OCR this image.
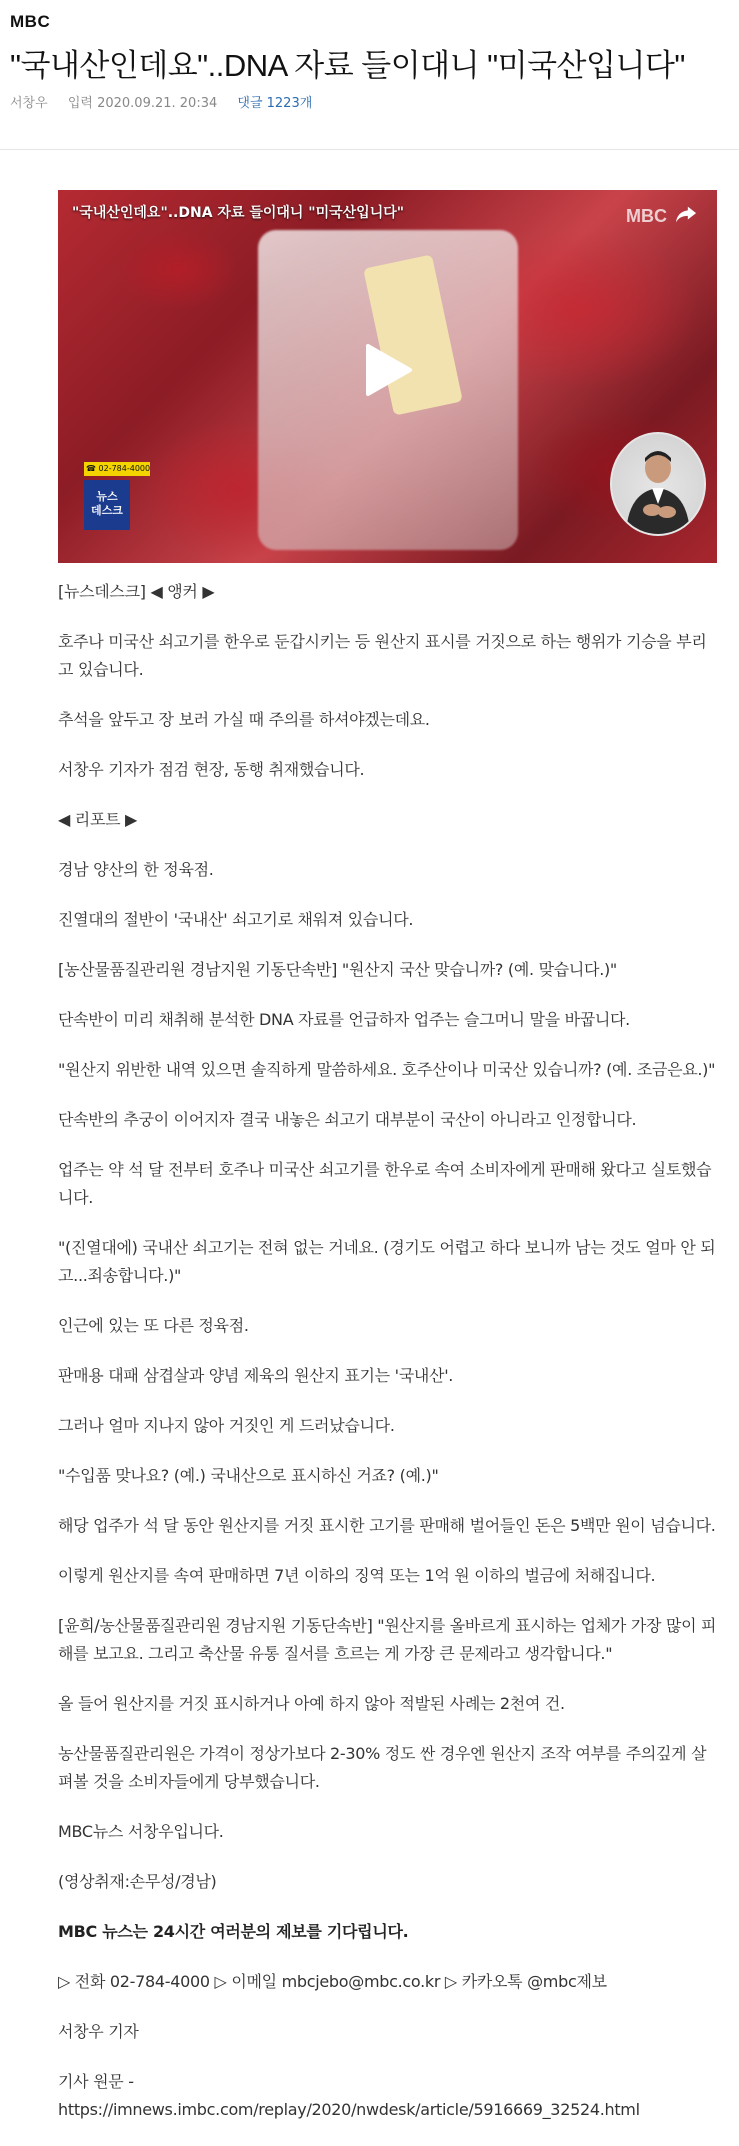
MBC
"국내산인데요"..DNA 자료 들이대니 "미국산입니다"
서창우 입력 2020.09.21. 20:34 댓글 1223개
"국내산인데요"..DNA 자료 들이대니 "미국산입니다"	MBC
☎ 02-784-4000
뉴스
데스크

[뉴스데스크] ◀ 앵커 ▶

호주나 미국산 쇠고기를 한우로 둔갑시키는 등 원산지 표시를 거짓으로 하는 행위가 기승을 부리고 있습니다.

추석을 앞두고 장 보러 가실 때 주의를 하셔야겠는데요.

서창우 기자가 점검 현장, 동행 취재했습니다.

◀ 리포트 ▶

경남 양산의 한 정육점.

진열대의 절반이 '국내산' 쇠고기로 채워져 있습니다.

[농산물품질관리원 경남지원 기동단속반] "원산지 국산 맞습니까? (예. 맞습니다.)"

단속반이 미리 채취해 분석한 DNA 자료를 언급하자 업주는 슬그머니 말을 바꿉니다.

"원산지 위반한 내역 있으면 솔직하게 말씀하세요. 호주산이나 미국산 있습니까? (예. 조금은요.)"

단속반의 추궁이 이어지자 결국 내놓은 쇠고기 대부분이 국산이 아니라고 인정합니다.

업주는 약 석 달 전부터 호주나 미국산 쇠고기를 한우로 속여 소비자에게 판매해 왔다고 실토했습니다.

"(진열대에) 국내산 쇠고기는 전혀 없는 거네요. (경기도 어렵고 하다 보니까 남는 것도 얼마 안 되고...죄송합니다.)"

인근에 있는 또 다른 정육점.

판매용 대패 삼겹살과 양념 제육의 원산지 표기는 '국내산'.

그러나 얼마 지나지 않아 거짓인 게 드러났습니다.

"수입품 맞나요? (예.) 국내산으로 표시하신 거죠? (예.)"

해당 업주가 석 달 동안 원산지를 거짓 표시한 고기를 판매해 벌어들인 돈은 5백만 원이 넘습니다.

이렇게 원산지를 속여 판매하면 7년 이하의 징역 또는 1억 원 이하의 벌금에 처해집니다.

[윤희/농산물품질관리원 경남지원 기동단속반] "원산지를 올바르게 표시하는 업체가 가장 많이 피해를 보고요. 그리고 축산물 유통 질서를 흐르는 게 가장 큰 문제라고 생각합니다."

올 들어 원산지를 거짓 표시하거나 아예 하지 않아 적발된 사례는 2천여 건.

농산물품질관리원은 가격이 정상가보다 2-30% 정도 싼 경우엔 원산지 조작 여부를 주의깊게 살펴볼 것을 소비자들에게 당부했습니다.

MBC뉴스 서창우입니다.

(영상취재:손무성/경남)

MBC 뉴스는 24시간 여러분의 제보를 기다립니다.

▷ 전화 02-784-4000 ▷ 이메일 mbcjebo@mbc.co.kr ▷ 카카오톡 @mbc제보

서창우 기자

기사 원문 - https://imnews.imbc.com/replay/2020/nwdesk/article/5916669_32524.html
